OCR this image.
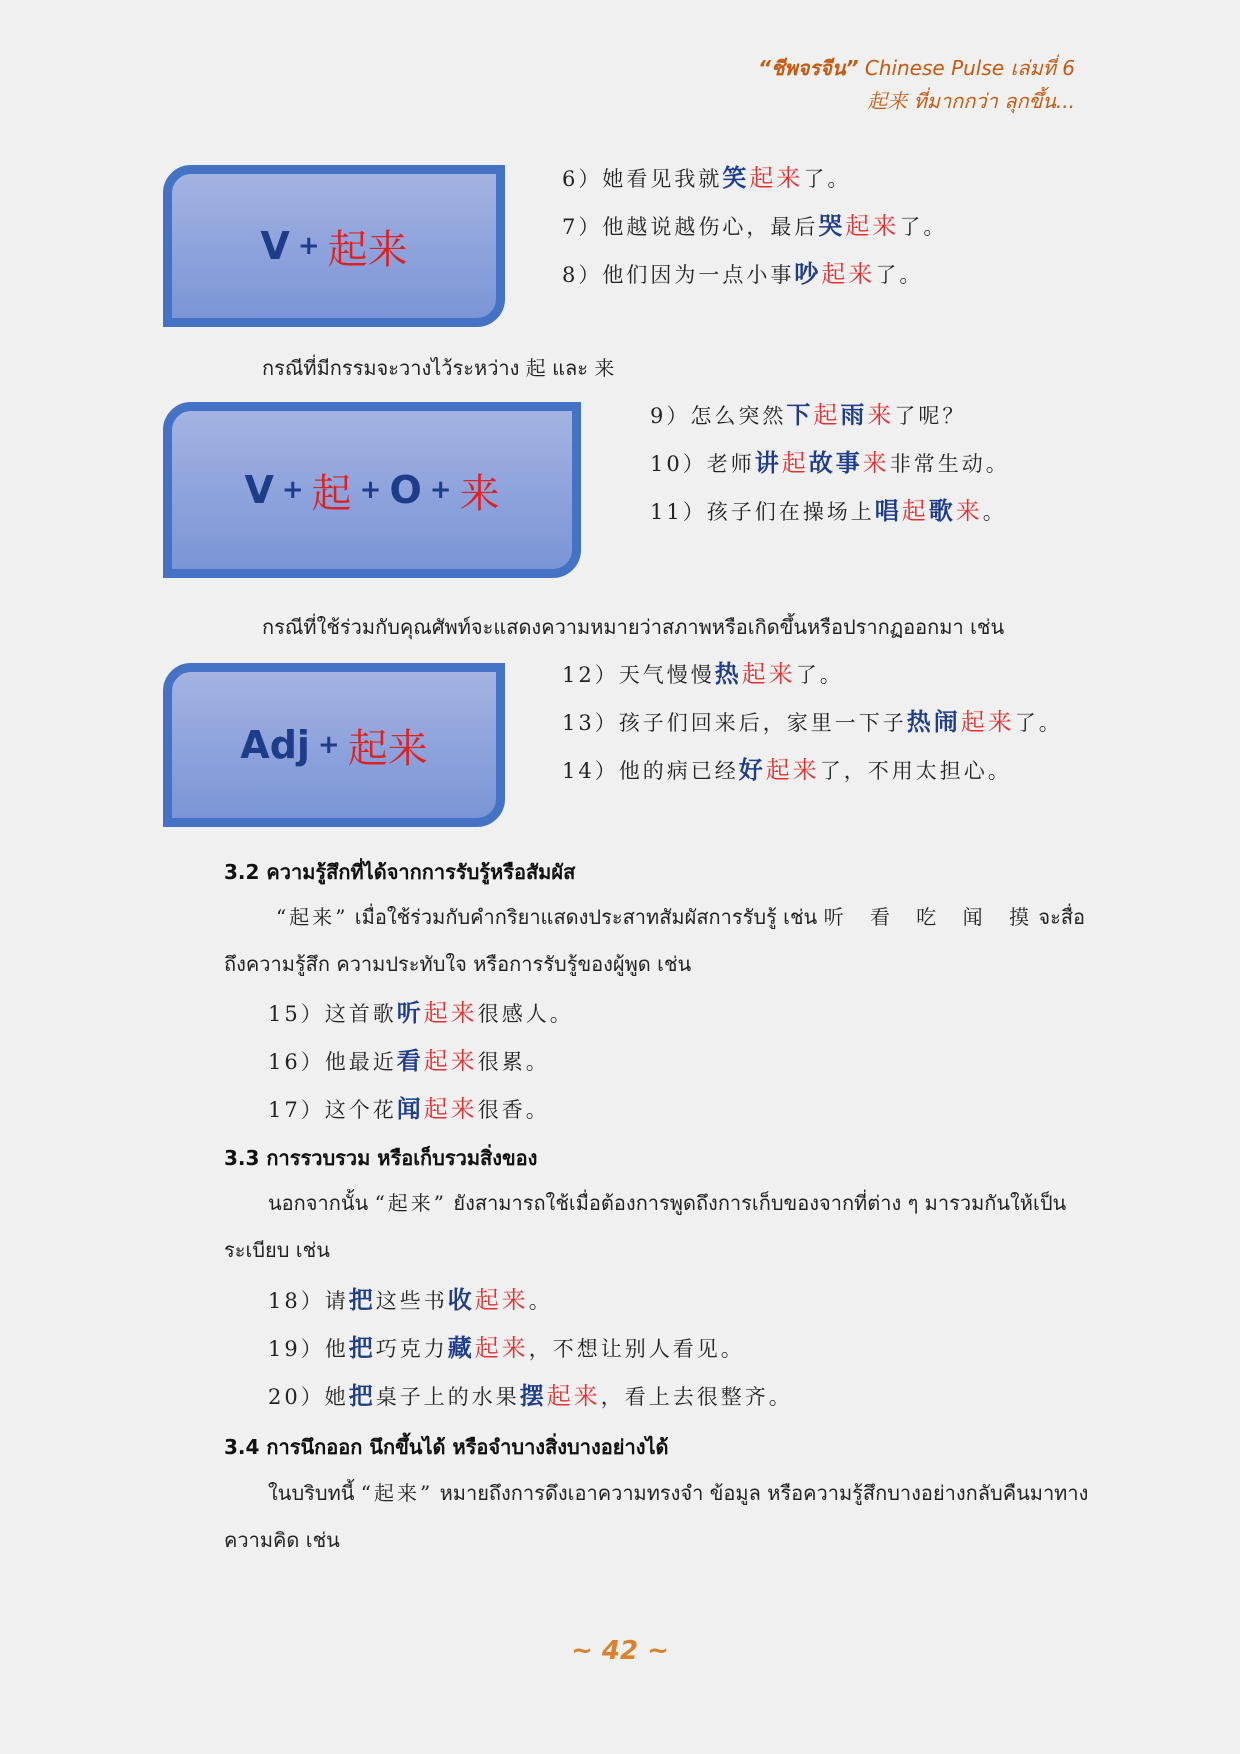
“ชีพจรจีน” Chinese Pulse เล่มที่ 6
起来 ที่มากกว่า ลุกขึ้น...
V + 起来
V + 起 + O + 来
Adj + 起来
6）她看见我就笑起来了。
7）他越说越伤心，最后哭起来了。
8）他们因为一点小事吵起来了。
กรณีที่มีกรรมจะวางไว้ระหว่าง 起 และ 来
9）怎么突然下起雨来了呢？
10）老师讲起故事来非常生动。
11）孩子们在操场上唱起歌来。
กรณีที่ใช้ร่วมกับคุณศัพท์จะแสดงความหมายว่าสภาพหรือเกิดขึ้นหรือปรากฏออกมา เช่น
12）天气慢慢热起来了。
13）孩子们回来后，家里一下子热闹起来了。
14）他的病已经好起来了，不用太担心。
3.2 ความรู้สึกที่ได้จากการรับรู้หรือสัมผัส
“起来” เมื่อใช้ร่วมกับคำกริยาแสดงประสาทสัมผัสการรับรู้ เช่น 听 看 吃 闻 摸 จะสื่อถึงความรู้สึก ความประทับใจ หรือการรับรู้ของผู้พูด เช่น
15）这首歌听起来很感人。
16）他最近看起来很累。
17）这个花闻起来很香。
3.3 การรวบรวม หรือเก็บรวมสิ่งของ
นอกจากนั้น “起来” ยังสามารถใช้เมื่อต้องการพูดถึงการเก็บของจากที่ต่าง ๆ มารวมกันให้เป็นระเบียบ เช่น
18）请把这些书收起来。
19）他把巧克力藏起来，不想让别人看见。
20）她把桌子上的水果摆起来，看上去很整齐。
3.4 การนึกออก นึกขึ้นได้ หรือจำบางสิ่งบางอย่างได้
ในบริบทนี้ “起来” หมายถึงการดึงเอาความทรงจำ ข้อมูล หรือความรู้สึกบางอย่างกลับคืนมาทางความคิด เช่น
~ 42 ~
